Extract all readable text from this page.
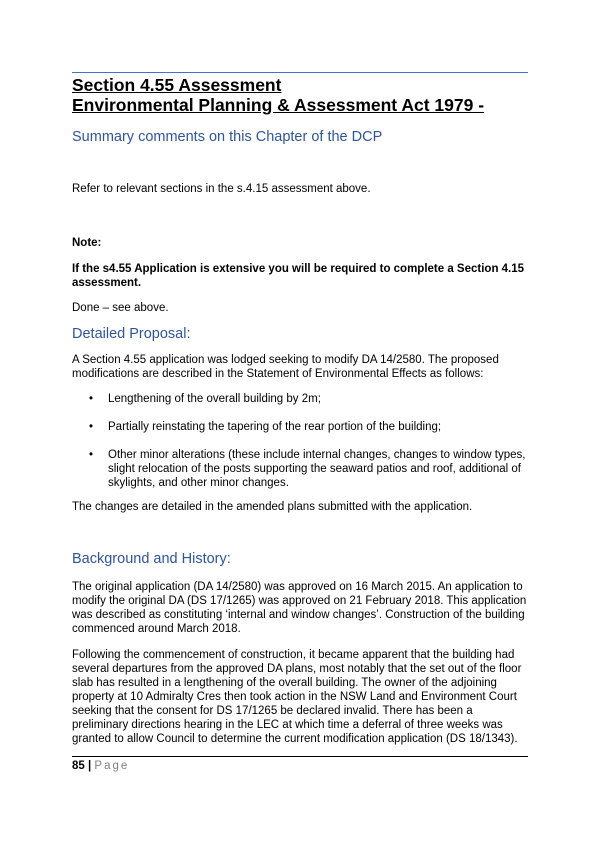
Section 4.55 Assessment
Environmental Planning & Assessment Act 1979 -
Summary comments on this Chapter of the DCP

Refer to relevant sections in the s.4.15 assessment above.

Note:

If the s4.55 Application is extensive you will be required to complete a Section 4.15 assessment.

Done – see above.

Detailed Proposal:

A Section 4.55 application was lodged seeking to modify DA 14/2580. The proposed modifications are described in the Statement of Environmental Effects as follows:

• Lengthening of the overall building by 2m;
• Partially reinstating the tapering of the rear portion of the building;
• Other minor alterations (these include internal changes, changes to window types, slight relocation of the posts supporting the seaward patios and roof, additional of skylights, and other minor changes.

The changes are detailed in the amended plans submitted with the application.

Background and History:

The original application (DA 14/2580) was approved on 16 March 2015. An application to modify the original DA (DS 17/1265) was approved on 21 February 2018. This application was described as constituting ‘internal and window changes’. Construction of the building commenced around March 2018.

Following the commencement of construction, it became apparent that the building had several departures from the approved DA plans, most notably that the set out of the floor slab has resulted in a lengthening of the overall building. The owner of the adjoining property at 10 Admiralty Cres then took action in the NSW Land and Environment Court seeking that the consent for DS 17/1265 be declared invalid. There has been a preliminary directions hearing in the LEC at which time a deferral of three weeks was granted to allow Council to determine the current modification application (DS 18/1343).

85 | Page
